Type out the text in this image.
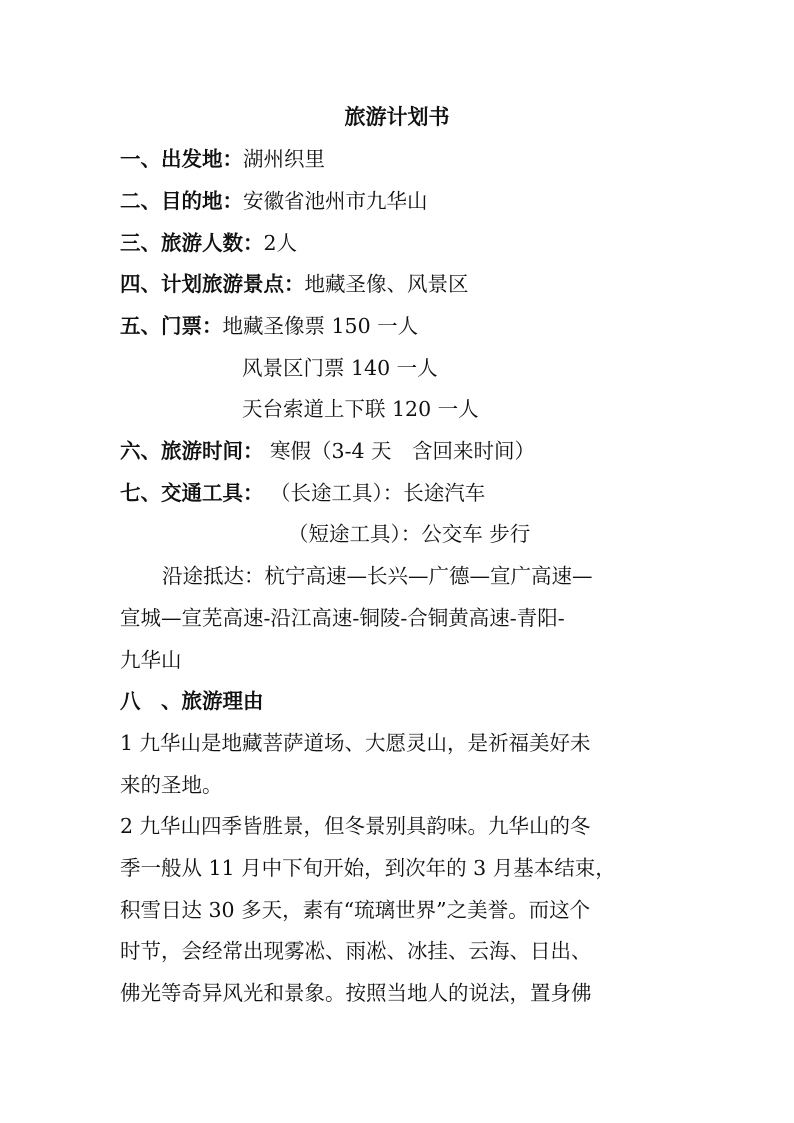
旅游计划书
一、出发地：湖州织里
二、目的地：安徽省池州市九华山
三、旅游人数：2人
四、计划旅游景点：地藏圣像、风景区
五、门票：地藏圣像票 150 一人
风景区门票 140 一人
天台索道上下联 120 一人
六、旅游时间： 寒假（3-4 天　含回来时间）
七、交通工具： （长途工具）：长途汽车
（短途工具）：公交车 步行
沿途抵达：杭宁高速—长兴—广德—宣广高速—
宣城—宣芜高速-沿江高速-铜陵-合铜黄高速-青阳-
九华山
八　、旅游理由
1 九华山是地藏菩萨道场、大愿灵山，是祈福美好未
来的圣地。
2 九华山四季皆胜景，但冬景别具韵味。九华山的冬
季一般从 11 月中下旬开始，到次年的 3 月基本结束，
积雪日达 30 多天，素有“琉璃世界”之美誉。而这个
时节，会经常出现雾凇、雨凇、冰挂、云海、日出、
佛光等奇异风光和景象。按照当地人的说法，置身佛
